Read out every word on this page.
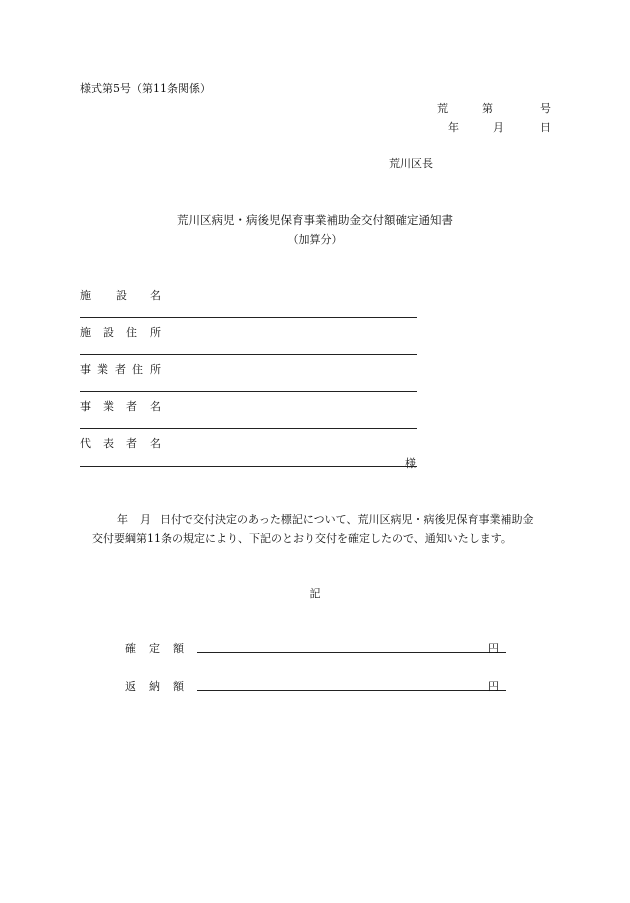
様式第5号（第11条関係）
荒	第	号
年	月	日
荒川区長
荒川区病児・病後児保育事業補助金交付額確定通知書
（加算分）
施 設 名
施 設 住 所
事 業 者 住 所
事 業 者 名
代 表 者 名
様
年 月 日付で交付決定のあった標記について、荒川区病児・病後児保育事業補助金
交付要綱第11条の規定により、下記のとおり交付を確定したので、通知いたします。
記
確 定 額	円
返 納 額	円
